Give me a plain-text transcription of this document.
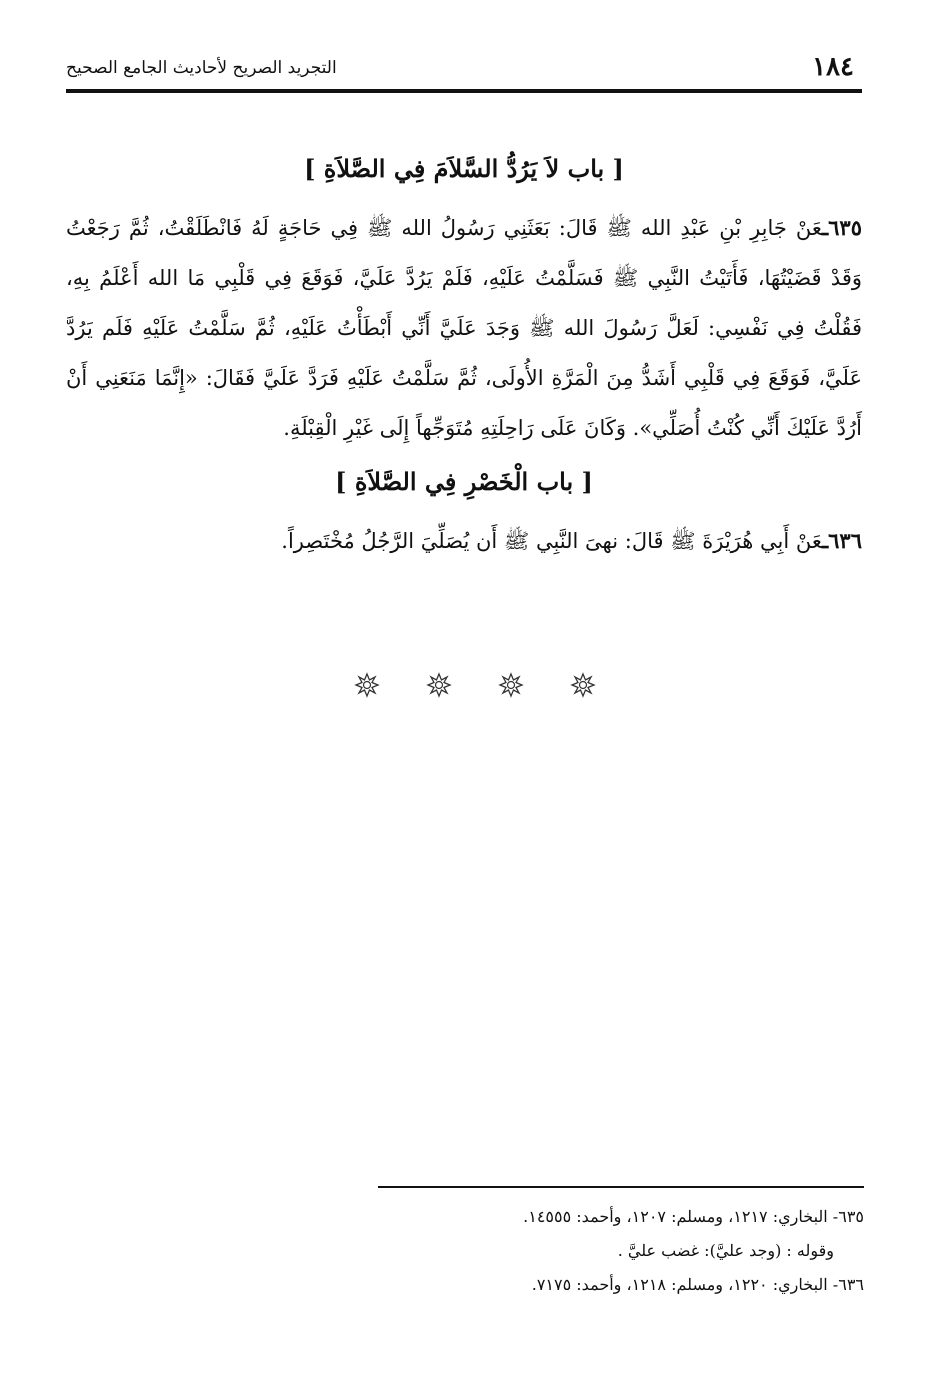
١٨٤
التجريد الصريح لأحاديث الجامع الصحيح
[ باب لاَ يَرُدُّ السَّلاَمَ فِي الصَّلاَةِ ]

٦٣٥ـعَنْ جَابِرِ بْنِ عَبْدِ الله ﷺ قَالَ: بَعَثَنِي رَسُولُ الله ﷺ فِي حَاجَةٍ لَهُ فَانْطَلَقْتُ، ثُمَّ رَجَعْتُ وَقَدْ قَضَيْتُهَا، فَأَتَيْتُ النَّبِي ﷺ فَسَلَّمْتُ عَلَيْهِ، فَلَمْ يَرُدَّ عَلَيَّ، فَوَقَعَ فِي قَلْبِي مَا الله أَعْلَمُ بِهِ، فَقُلْتُ فِي نَفْسِي: لَعَلَّ رَسُولَ الله ﷺ وَجَدَ عَلَيَّ أَنِّي أَبْطَأْتُ عَلَيْهِ، ثُمَّ سَلَّمْتُ عَلَيْهِ فَلَم يَرُدَّ عَلَيَّ، فَوَقَعَ فِي قَلْبِي أَشَدُّ مِنَ الْمَرَّةِ الأُولَى، ثُمَّ سَلَّمْتُ عَلَيْهِ فَرَدَّ عَلَيَّ فَقَالَ: «إِنَّمَا مَنَعَنِي أَنْ أَرُدَّ عَلَيْكَ أَنِّي كُنْتُ أُصَلِّي». وَكَانَ عَلَى رَاحِلَتِهِ مُتَوَجِّهاً إِلَى غَيْرِ الْقِبْلَةِ.

[ باب الْخَصْرِ فِي الصَّلاَةِ ]

٦٣٦ـعَنْ أَبِي هُرَيْرَةَ ﷺ قَالَ: نهىَ النَّبِي ﷺ أَن يُصَلِّيَ الرَّجُلُ مُخْتَصِراً.

٦٣٥- البخاري: ١٢١٧، ومسلم: ١٢٠٧، وأحمد: ١٤٥٥٥.
وقوله : (وجد عليَّ): غضب عليَّ .
٦٣٦- البخاري: ١٢٢٠، ومسلم: ١٢١٨، وأحمد: ٧١٧٥.
